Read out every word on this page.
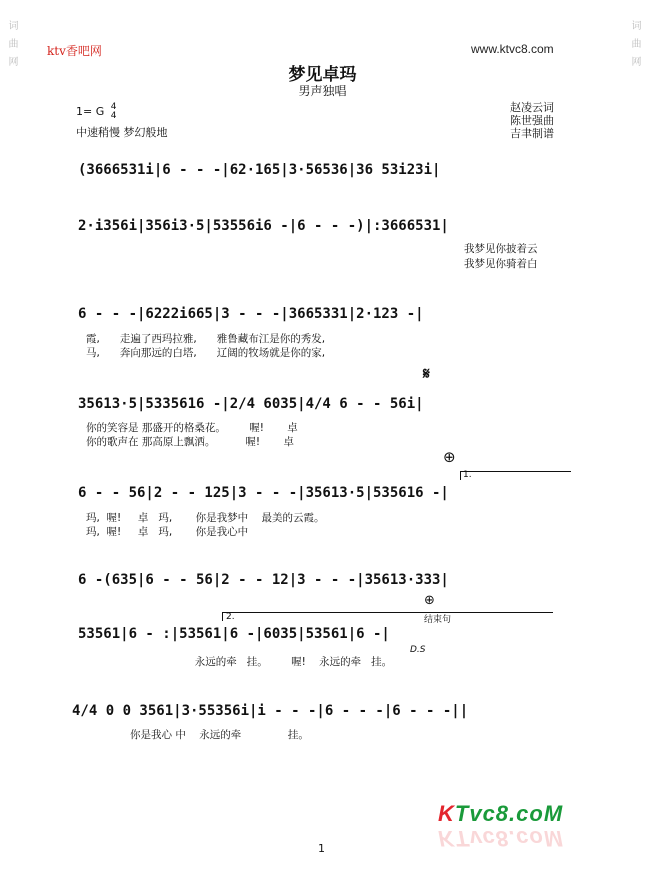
词曲网	词曲网
ktv香吧网	www.ktvc8.com
梦见卓玛
男声独唱
1= G 4
4
中速稍慢 梦幻般地
赵凌云词
陈世强曲
吉聿制谱
(3666531i|6 - - -|62·165|3·56536|36 53i23i|
2·i356i|356i3·5|53556i6 -|6 - - -)|:3666531|
我梦见你披着云
我梦见你骑着白
6 - - -|6222i665|3 - - -|3665331|2·123 -|
霞,      走遍了西玛拉雅,      雅鲁藏布江是你的秀发,
马,      奔向那远的白塔,      辽阔的牧场就是你的家,
35613·5|5335616 -|2/4 6035|4/4 6 - - 56i|
你的笑容是 那盛开的格桑花。       喔!       卓
你的歌声在 那高原上飘洒。         喔!       卓
𝄋
⊕
1.
6 - - 56|2 - - 125|3 - - -|35613·5|535616 -|
玛,  喔!     卓   玛,       你是我梦中    最美的云霞。
玛,  喔!     卓   玛,       你是我心中
6 -(635|6 - - 56|2 - - 12|3 - - -|35613·333|
2.
⊕
结束句
53561|6 - :|53561|6 -|6035|53561|6 -|
D.S
永远的牵   挂。       喔!    永远的牵   挂。
4/4 0 0 3561|3·55356i|i - - -|6 - - -|6 - - -||
你是我心 中    永远的牵              挂。
KTvc8.coM
KTvc8.coM
1
